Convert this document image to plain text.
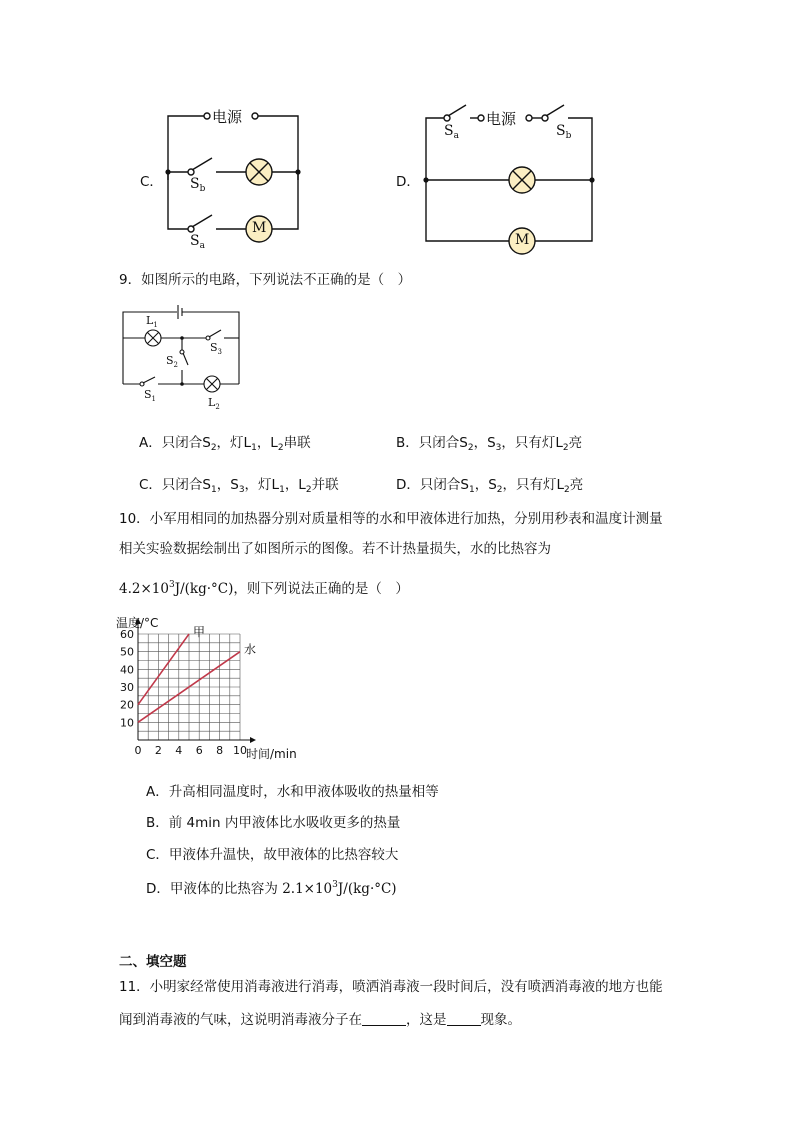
C．
电源
$S_b$
$S_a$
M
D．
电源
$S_a$	$S_b$
M
9．如图所示的电路，下列说法不正确的是（　）
$L_1$
$S_3$
$S_2$
$S_1$	$L_2$
A．只闭合$S_2$，灯$L_1$，$L_2$串联	B．只闭合$S_2$，$S_3$，只有灯$L_2$亮
C．只闭合$S_1$，$S_3$，灯$L_1$，$L_2$并联	D．只闭合$S_1$，$S_2$，只有灯$L_2$亮
10．小军用相同的加热器分别对质量相等的水和甲液体进行加热，分别用秒表和温度计测量
相关实验数据绘制出了如图所示的图像。若不计热量损失，水的比热容为
$4.2\times 10^3J/(kg\cdot^\circ C)$，则下列说法正确的是（　）
0 2 4 6 8 10
10
20
30
40
50
60	甲
水
温度/°C
时间/min
A．升高相同温度时，水和甲液体吸收的热量相等
B．前 4min 内甲液体比水吸收更多的热量
C．甲液体升温快，故甲液体的比热容较大
D．甲液体的比热容为 $2.1\times 10^3J/(kg\cdot^\circ C)$
二、填空题
11．小明家经常使用消毒液进行消毒，喷洒消毒液一段时间后，没有喷洒消毒液的地方也能
闻到消毒液的气味，这说明消毒液分子在	，这是	现象。
